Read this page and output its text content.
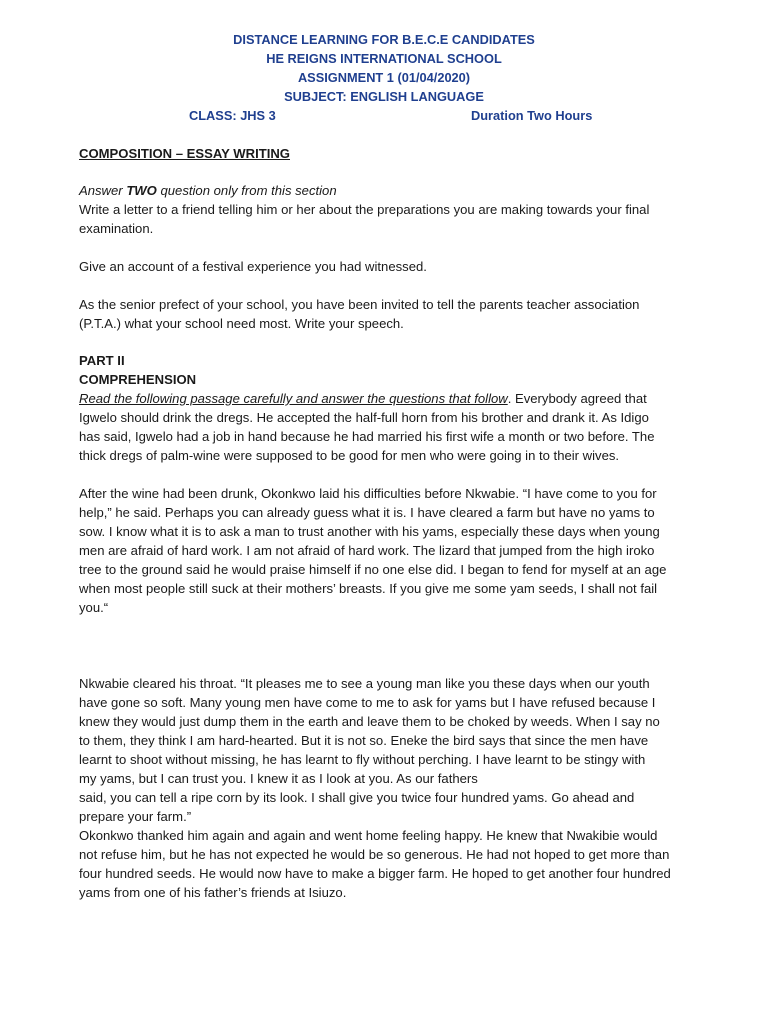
DISTANCE LEARNING FOR B.E.C.E CANDIDATES
HE REIGNS INTERNATIONAL SCHOOL
ASSIGNMENT 1 (01/04/2020)
SUBJECT: ENGLISH LANGUAGE
CLASS: JHS 3	Duration Two Hours
COMPOSITION – ESSAY WRITING
Answer TWO question only from this section
Write a letter to a friend telling him or her about the preparations you are making towards your final
examination.
Give an account of a festival experience you had witnessed.
As the senior prefect of your school, you have been invited to tell the parents teacher association
(P.T.A.) what your school need most. Write your speech.
PART II
COMPREHENSION
Read the following passage carefully and answer the questions that follow. Everybody agreed that
Igwelo should drink the dregs. He accepted the half-full horn from his brother and drank it. As Idigo
has said, Igwelo had a job in hand because he had married his first wife a month or two before. The
thick dregs of palm-wine were supposed to be good for men who were going in to their wives.
After the wine had been drunk, Okonkwo laid his difficulties before Nkwabie. “I have come to you for
help,” he said. Perhaps you can already guess what it is. I have cleared a farm but have no yams to
sow. I know what it is to ask a man to trust another with his yams, especially these days when young
men are afraid of hard work. I am not afraid of hard work. The lizard that jumped from the high iroko
tree to the ground said he would praise himself if no one else did. I began to fend for myself at an age
when most people still suck at their mothers’ breasts. If you give me some yam seeds, I shall not fail
you.“
Nkwabie cleared his throat. “It pleases me to see a young man like you these days when our youth
have gone so soft. Many young men have come to me to ask for yams but I have refused because I
knew they would just dump them in the earth and leave them to be choked by weeds. When I say no
to them, they think I am hard-hearted. But it is not so. Eneke the bird says that since the men have
learnt to shoot without missing, he has learnt to fly without perching. I have learnt to be stingy with
my yams, but I can trust you. I knew it as I look at you. As our fathers
said, you can tell a ripe corn by its look. I shall give you twice four hundred yams. Go ahead and
prepare your farm.”
Okonkwo thanked him again and again and went home feeling happy. He knew that Nwakibie would
not refuse him, but he has not expected he would be so generous. He had not hoped to get more than
four hundred seeds. He would now have to make a bigger farm. He hoped to get another four hundred
yams from one of his father’s friends at Isiuzo.
